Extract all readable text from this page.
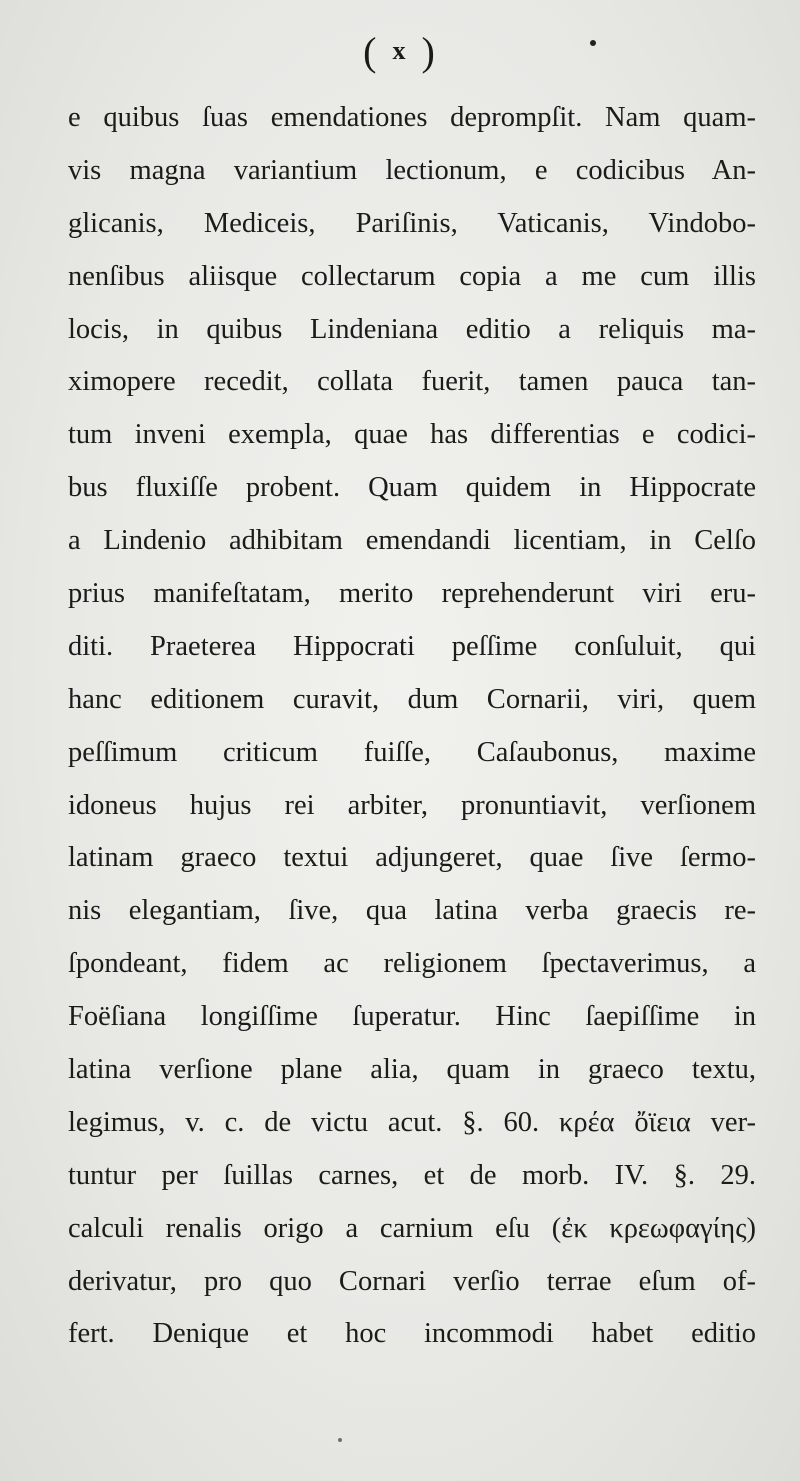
( x )
e quibus ſuas emendationes deprompſit. Nam quam-
vis magna variantium lectionum, e codicibus An-
glicanis, Mediceis, Pariſinis, Vaticanis, Vindobo-
nenſibus aliisque collectarum copia a me cum illis
locis, in quibus Lindeniana editio a reliquis ma-
ximopere recedit, collata fuerit, tamen pauca tan-
tum inveni exempla, quae has differentias e codici-
bus fluxiſſe probent. Quam quidem in Hippocrate
a Lindenio adhibitam emendandi licentiam, in Celſo
prius manifeſtatam, merito reprehenderunt viri eru-
diti. Praeterea Hippocrati peſſime conſuluit, qui
hanc editionem curavit, dum Cornarii, viri, quem
peſſimum criticum fuiſſe, Caſaubonus, maxime
idoneus hujus rei arbiter, pronuntiavit, verſionem
latinam graeco textui adjungeret, quae ſive ſermo-
nis elegantiam, ſive, qua latina verba graecis re-
ſpondeant, fidem ac religionem ſpectaverimus, a
Foëſiana longiſſime ſuperatur. Hinc ſaepiſſime in
latina verſione plane alia, quam in graeco textu,
legimus, v. c. de victu acut. §. 60. κρέα ὄϊεια ver-
tuntur per ſuillas carnes, et de morb. IV. §. 29.
calculi renalis origo a carnium eſu (ἐκ κρεωφαγίης)
derivatur, pro quo Cornari verſio terrae eſum of-
fert. Denique et hoc incommodi habet editio
